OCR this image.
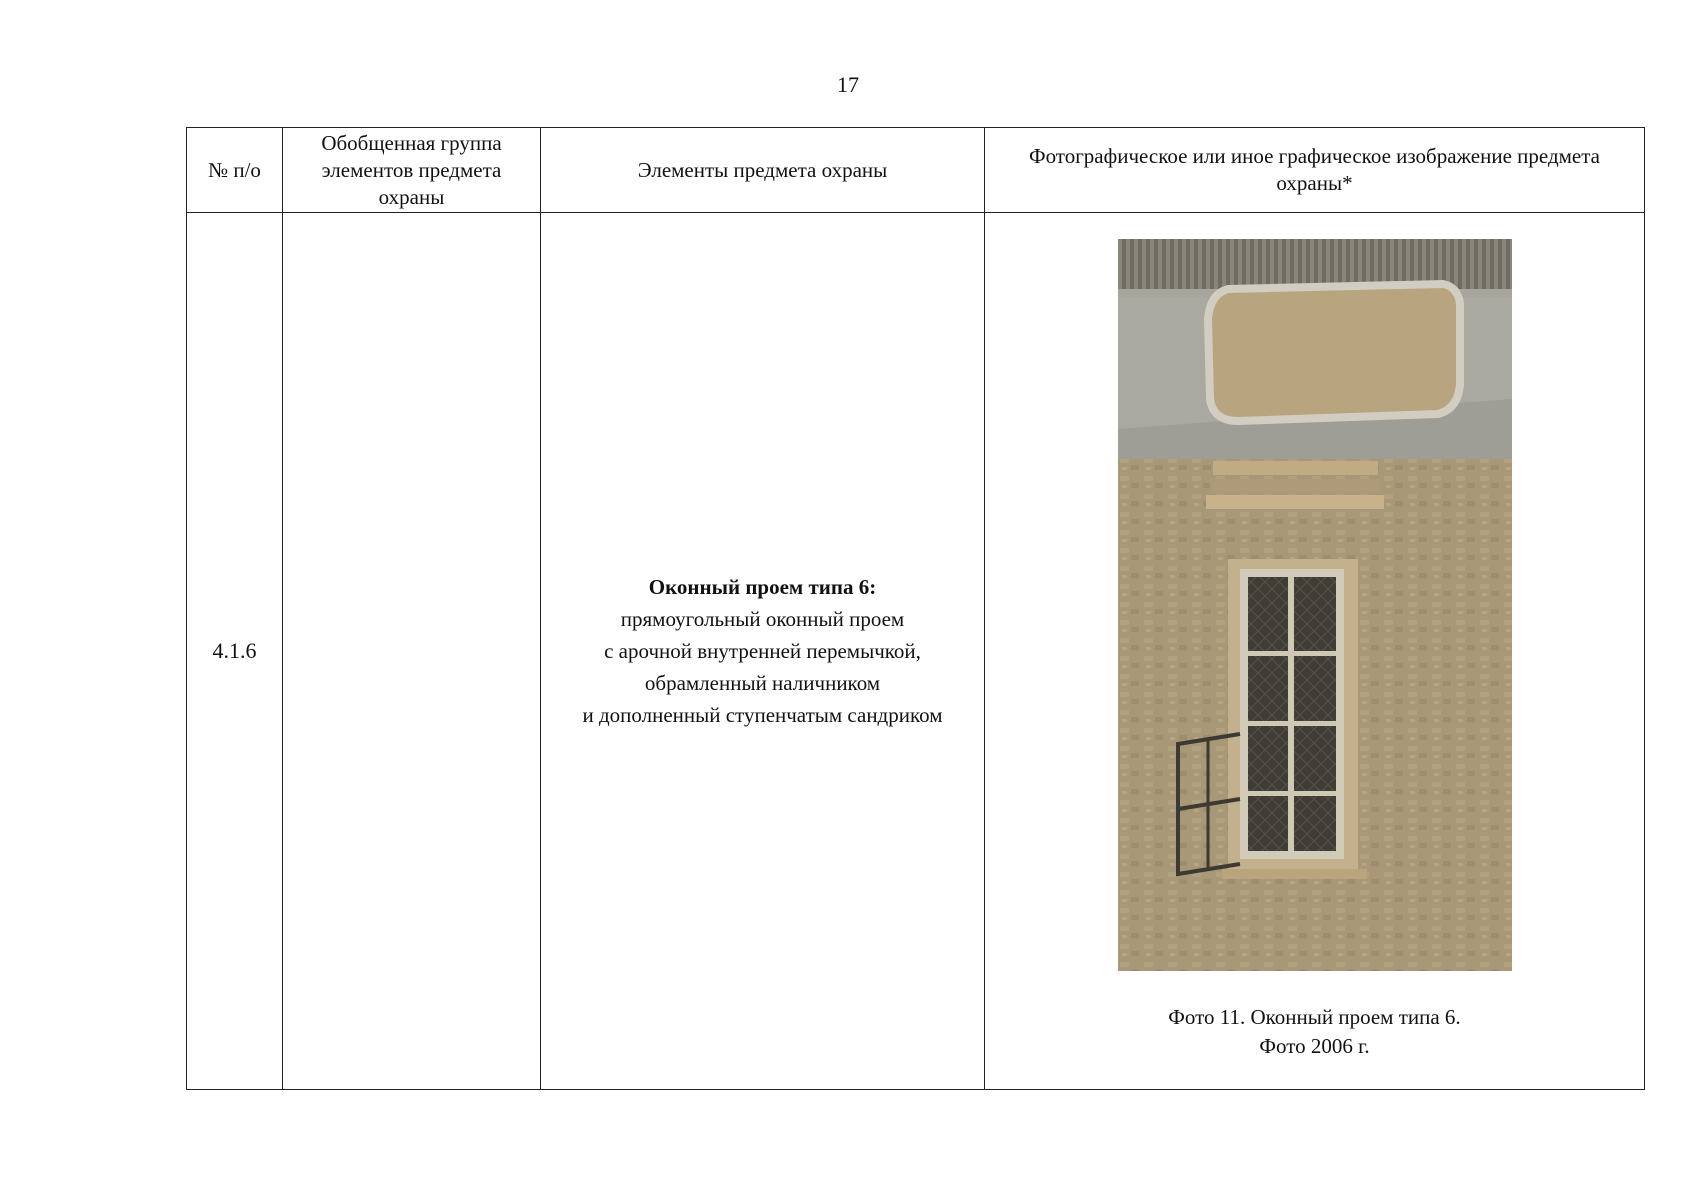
17
№ п/о	Обобщенная группа элементов предмета охраны	Элементы предмета охраны	Фотографическое или иное графическое изображение предмета охраны*
4.1.6		Оконный проем типа 6:
прямоугольный оконный проем
с арочной внутренней перемычкой,
обрамленный наличником
и дополненный ступенчатым сандриком	Фото 11. Оконный проем типа 6.
Фото 2006 г.
